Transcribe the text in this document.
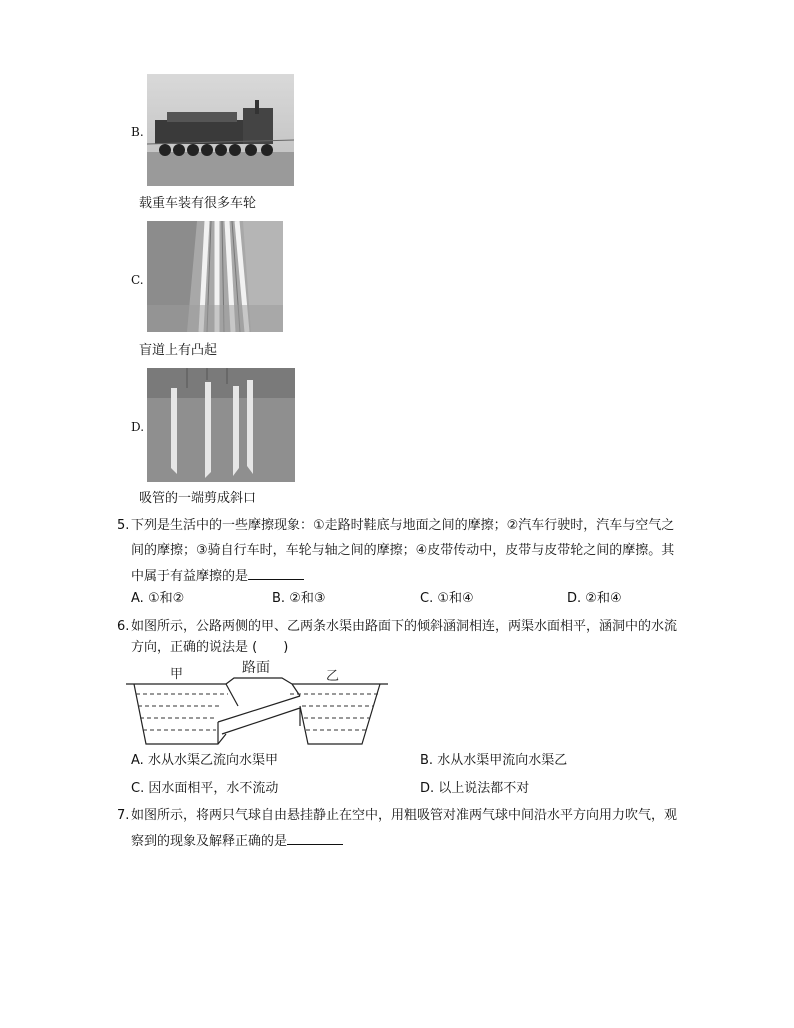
B.
载重车装有很多车轮
C.
盲道上有凸起
D.
吸管的一端剪成斜口
5. 下列是生活中的一些摩擦现象：①走路时鞋底与地面之间的摩擦；②汽车行驶时，汽车与空气之
间的摩擦；③骑自行车时，车轮与轴之间的摩擦；④皮带传动中，皮带与皮带轮之间的摩擦。其
中属于有益摩擦的是
A. ①和②	B. ②和③	C. ①和④	D. ②和④
6. 如图所示，公路两侧的甲、乙两条水渠由路面下的倾斜涵洞相连，两渠水面相平，涵洞中的水流
方向，正确的说法是 (　　)
甲	路面
乙
A. 水从水渠乙流向水渠甲	B. 水从水渠甲流向水渠乙
C. 因水面相平，水不流动	D. 以上说法都不对
7. 如图所示，将两只气球自由悬挂静止在空中，用粗吸管对准两气球中间沿水平方向用力吹气，观
察到的现象及解释正确的是
